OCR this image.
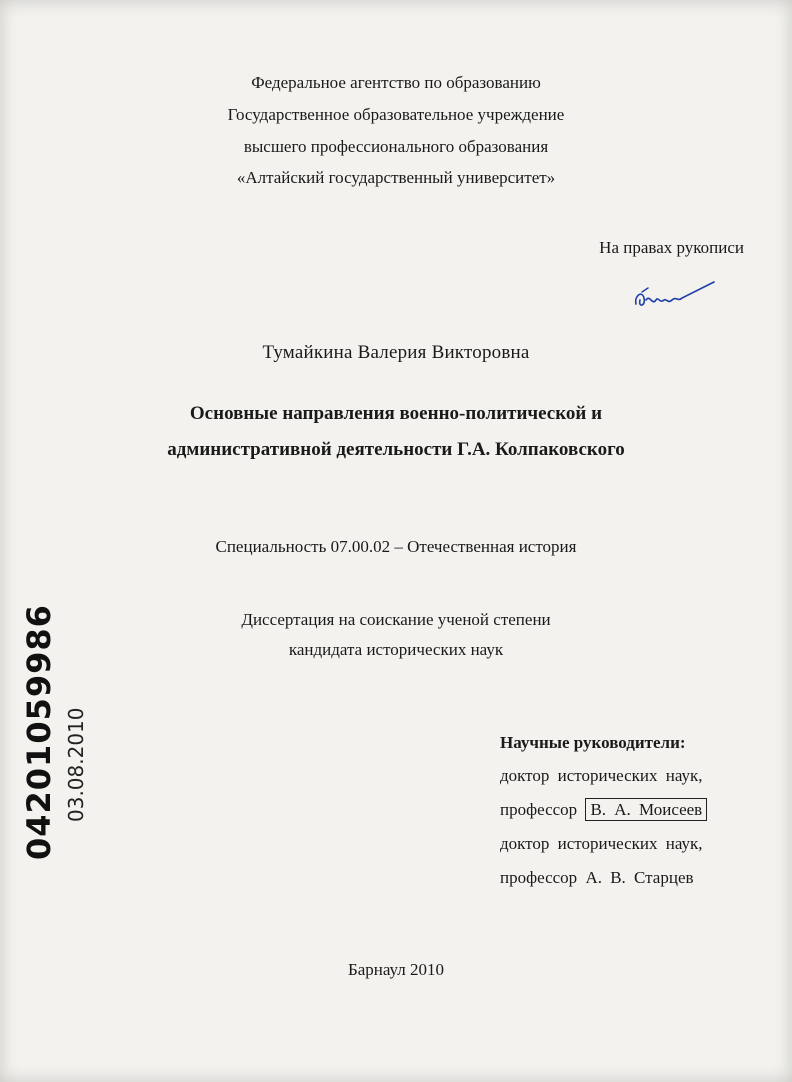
Федеральное агентство по образованию
Государственное образовательное учреждение
высшего профессионального образования
«Алтайский государственный университет»
На правах рукописи
Тумайкина Валерия Викторовна
Основные направления военно-политической и
административной деятельности Г.А. Колпаковского
Специальность 07.00.02 – Отечественная история
Диссертация на соискание ученой степени
кандидата исторических наук
Научные руководители:
доктор исторических наук,
профессор В. А. Моисеев
доктор исторических наук,
профессор А. В. Старцев
Барнаул 2010
04201059986 03.08.2010
